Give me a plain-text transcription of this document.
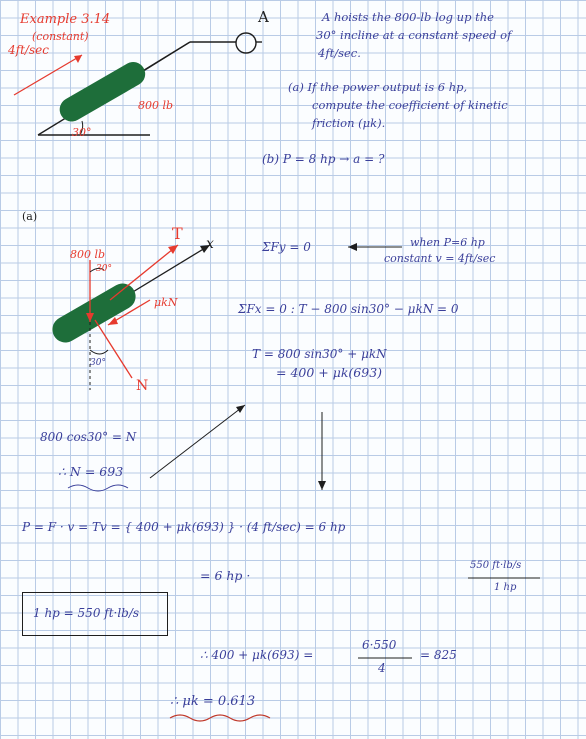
Example 3.14
(constant)
4ft/sec
A
800 lb
30°
A hoists the 800-lb log up the
30° incline at a constant speed of
4ft/sec.
(a) If the power output is 6 hp,
compute the coefficient of kinetic
friction (μk).
(b) P = 8 hp → a = ?
(a)
800 lb
30°
T
x
μkN
30°
N
ΣFy = 0	when P=6 hp
constant v = 4ft/sec
ΣFx = 0 : T − 800 sin30° − μkN = 0
T = 800 sin30° + μkN
= 400 + μk(693)
800 cos30° = N
∴ N = 693
P = F · v = Tv = { 400 + μk(693) } · (4 ft/sec) = 6 hp
= 6 hp ·
550 ft·lb/s
1 hp
1 hp = 550 ft·lb/s
∴ 400 + μk(693) =
6·550
4
= 825
∴ μk = 0.613
